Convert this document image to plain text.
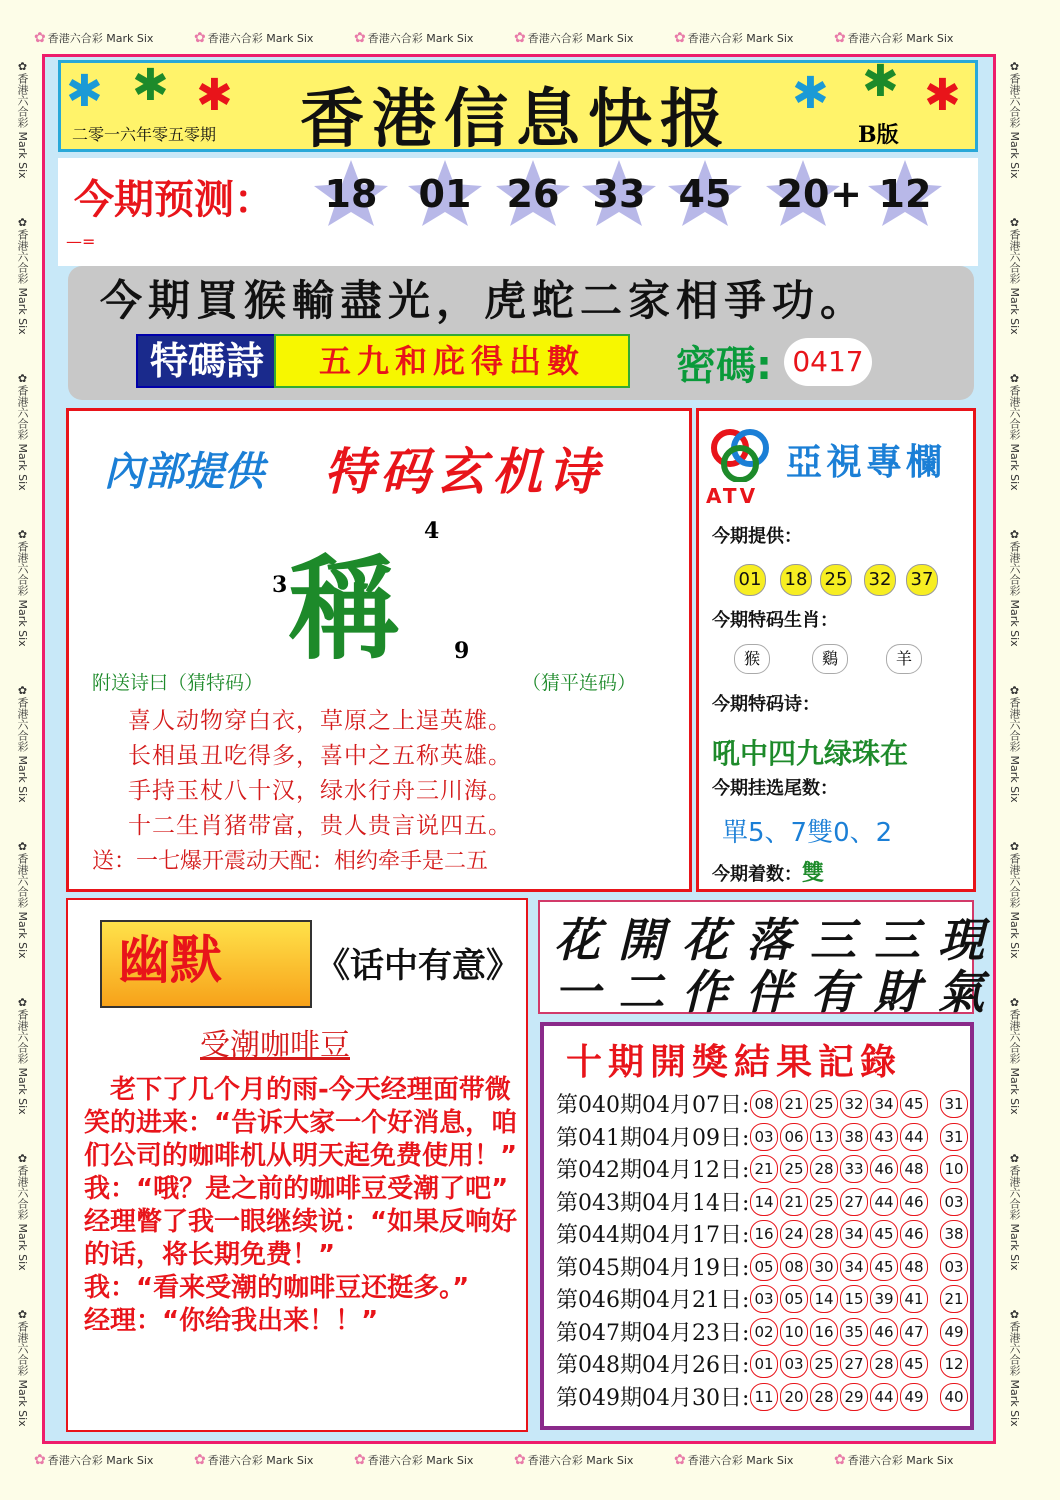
✱ ✱ ✱	✱ ✱ ✱
香港信息快报
二零一六年零五零期	B版
今期预测：	18	01 26 33 45	20 + 12
—=
今期買猴輸盡光，虎蛇二家相爭功。
特碼詩	五九和庇得出數	密碼: 0417
內部提供 特码玄机诗
稱
3
4
9
附送诗曰（猜特码）	（猜平连码）
喜人动物穿白衣，草原之上逞英雄。
长相虽丑吃得多，喜中之五称英雄。
手持玉杖八十汉，绿水行舟三川海。
十二生肖猪带富，贵人贵言说四五。
送：一七爆开震动天配：相约牵手是二五
ATV
亞視專欄
今期提供：
01 18 25 32 37
今期特码生肖：
猴	鷄	羊
今期特码诗：
吼中四九绿珠在
今期挂选尾数：
單5、7雙0、2
今期着数：雙
幽默	《话中有意》
受潮咖啡豆

　老下了几个月的雨-今天经理面带微笑的进来：“告诉大家一个好消息，咱们公司的咖啡机从明天起免费使用！”

我：“哦？是之前的咖啡豆受潮了吧”

经理瞥了我一眼继续说：“如果反响好的话，将长期免费！”

我：“看来受潮的咖啡豆还挺多。”

经理：“你给我出来！！”

花開花落三三現
一二作伴有財氣
十期開獎結果記錄
第040期04月07日: 08 21 25 32 34 45 31
第041期04月09日: 03 06 13 38 43 44 31
第042期04月12日: 21 25 28 33 46 48 10
第043期04月14日: 14 21 25 27 44 46 03
第044期04月17日: 16 24 28 34 45 46 38
第045期04月19日: 05 08 30 34 45 48 03
第046期04月21日: 03 05 14 15 39 41 21
第047期04月23日: 02 10 16 35 46 47 49
第048期04月26日: 01 03 25 27 28 45 12
第049期04月30日: 11 20 28 29 44 49 40
✿ 香港六合彩 Mark Six	✿ 香港六合彩 Mark Six	✿ 香港六合彩 Mark Six	✿ 香港六合彩 Mark Six	✿ 香港六合彩 Mark Six	✿ 香港六合彩 Mark Six
✿ 香港六合彩 Mark Six	✿ 香港六合彩 Mark Six	✿ 香港六合彩 Mark Six	✿ 香港六合彩 Mark Six	✿ 香港六合彩 Mark Six	✿ 香港六合彩 Mark Six
✿香港六合彩 Mark Six
✿香港六合彩 Mark Six
✿香港六合彩 Mark Six
✿香港六合彩 Mark Six
✿香港六合彩 Mark Six
✿香港六合彩 Mark Six
✿香港六合彩 Mark Six
✿香港六合彩 Mark Six
✿香港六合彩 Mark Six
✿香港六合彩 Mark Six
✿香港六合彩 Mark Six
✿香港六合彩 Mark Six
✿香港六合彩 Mark Six
✿香港六合彩 Mark Six
✿香港六合彩 Mark Six
✿香港六合彩 Mark Six
✿香港六合彩 Mark Six
✿香港六合彩 Mark Six
